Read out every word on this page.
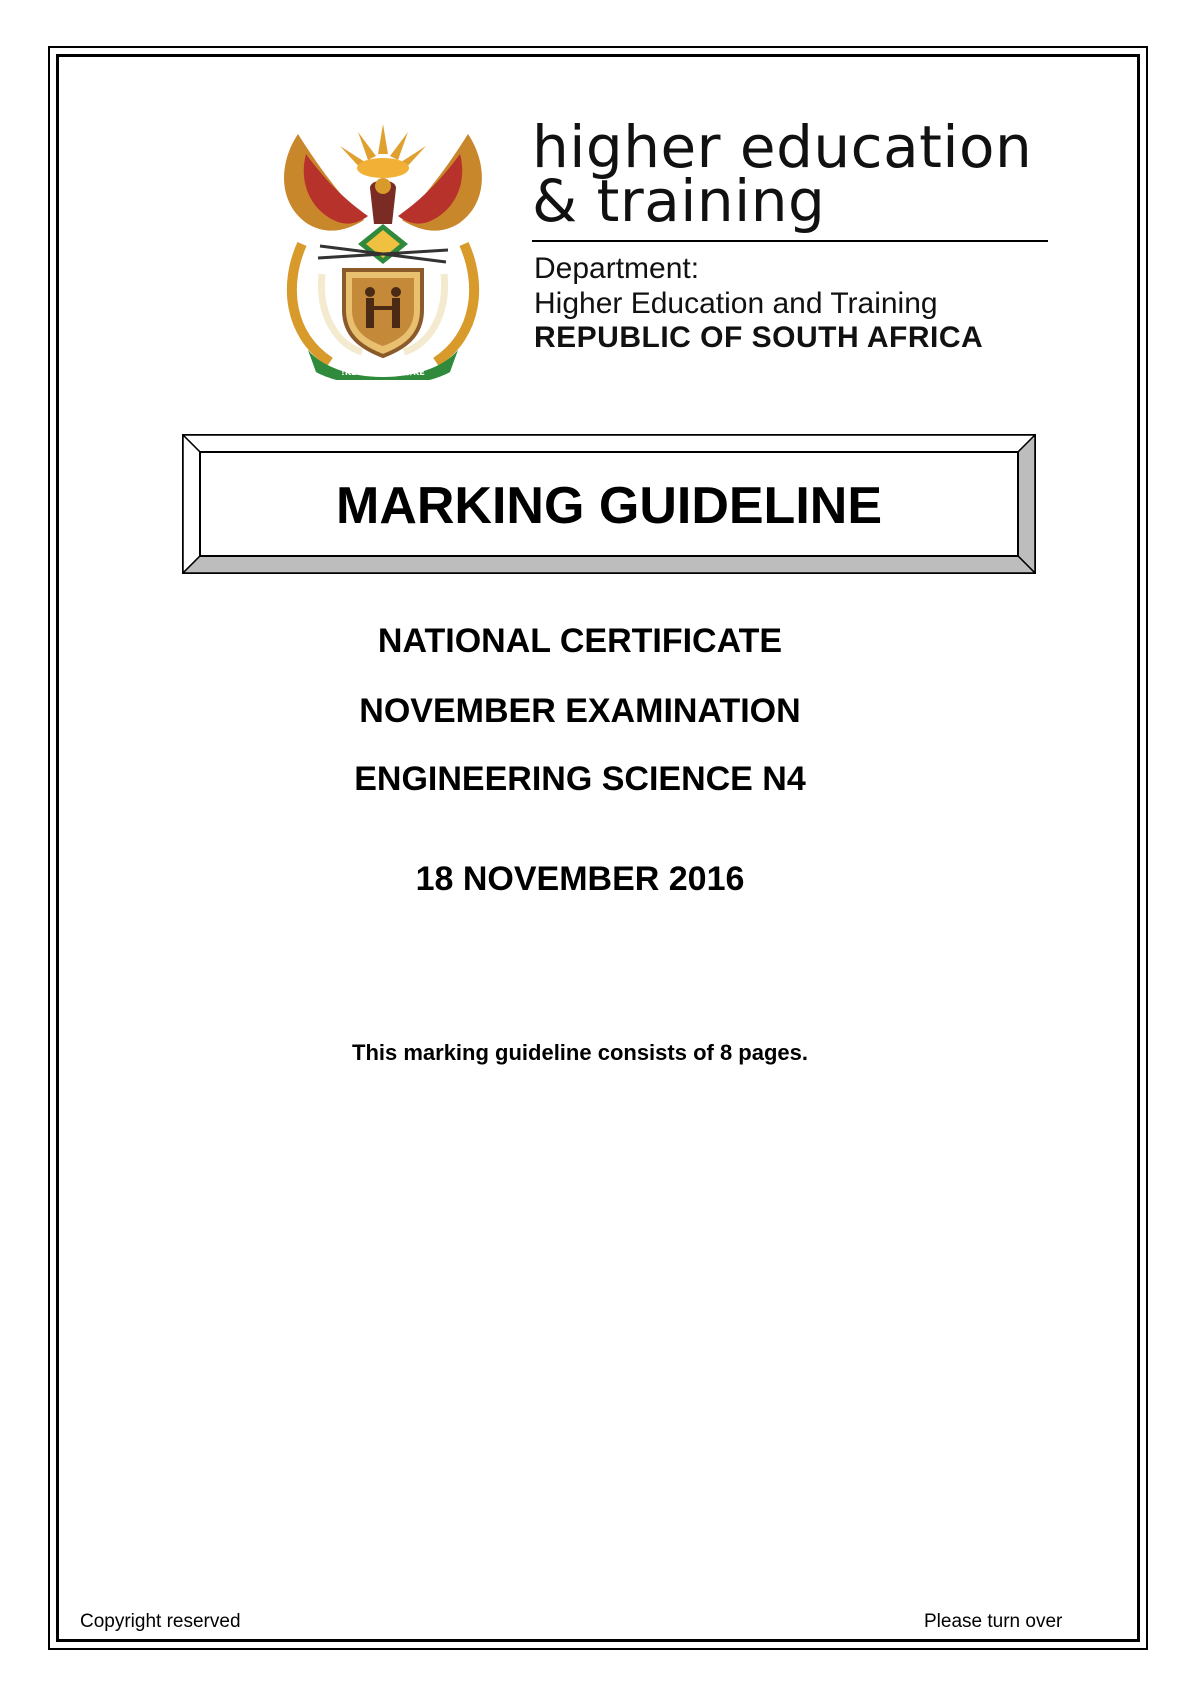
!KE E: /XARRA //KE
higher education
& training
Department:
Higher Education and Training
REPUBLIC OF SOUTH AFRICA
MARKING GUIDELINE
NATIONAL CERTIFICATE
NOVEMBER EXAMINATION
ENGINEERING SCIENCE N4
18 NOVEMBER 2016
This marking guideline consists of 8 pages.
Copyright reserved	Please turn over
